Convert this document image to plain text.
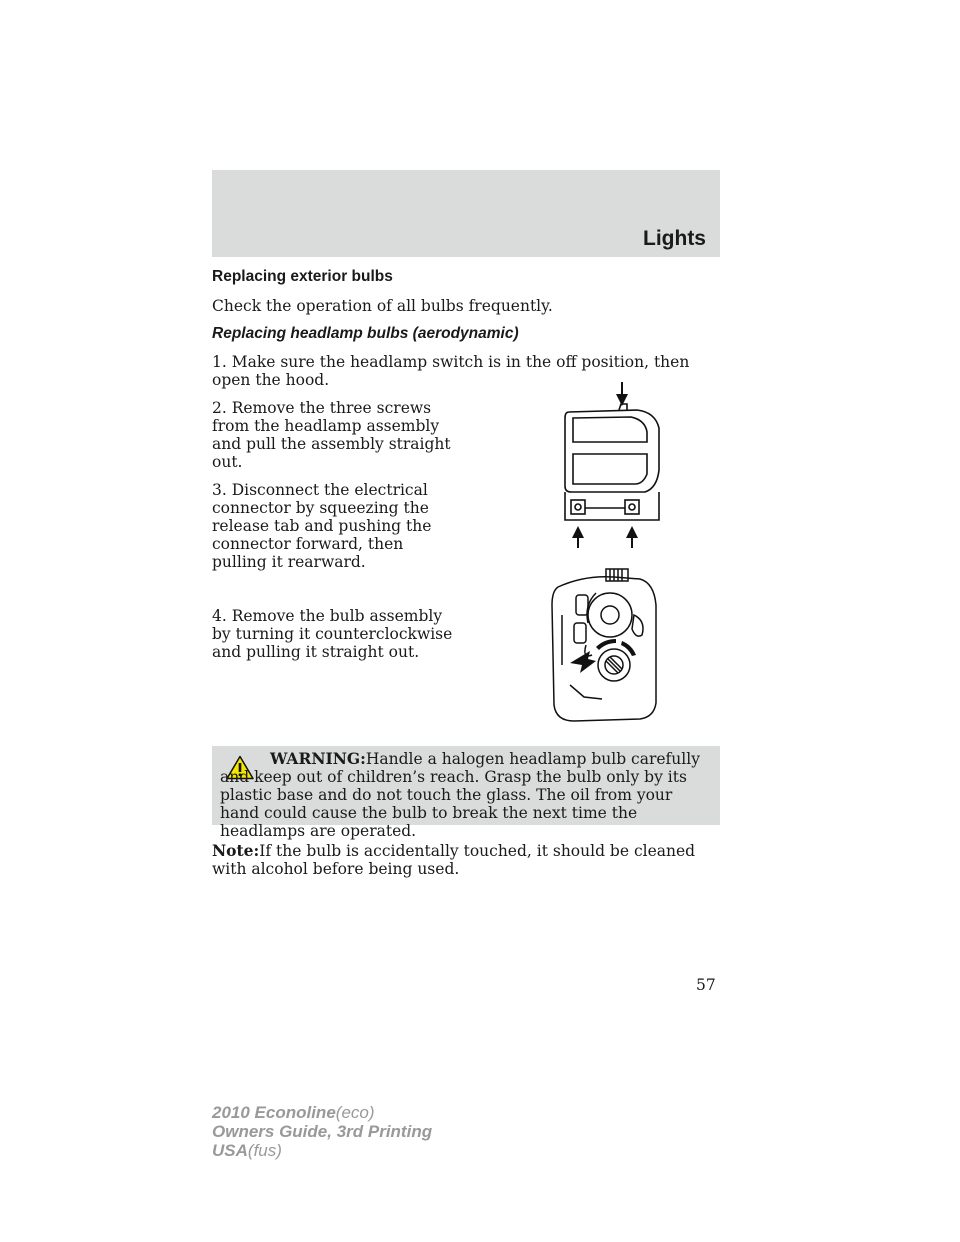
Lights
Replacing exterior bulbs

Check the operation of all bulbs frequently.

Replacing headlamp bulbs (aerodynamic)

1. Make sure the headlamp switch is in the off position, then open the hood.

2. Remove the three screws from the headlamp assembly and pull the assembly straight out.

3. Disconnect the electrical connector by squeezing the release tab and pushing the connector forward, then pulling it rearward.

4. Remove the bulb assembly by turning it counterclockwise and pulling it straight out.

WARNING:Handle a halogen headlamp bulb carefully and keep out of children’s reach. Grasp the bulb only by its plastic base and do not touch the glass. The oil from your hand could cause the bulb to break the next time the headlamps are operated.

Note:If the bulb is accidentally touched, it should be cleaned with alcohol before being used.

57
2010 Econoline(eco)
Owners Guide, 3rd Printing
USA(fus)
